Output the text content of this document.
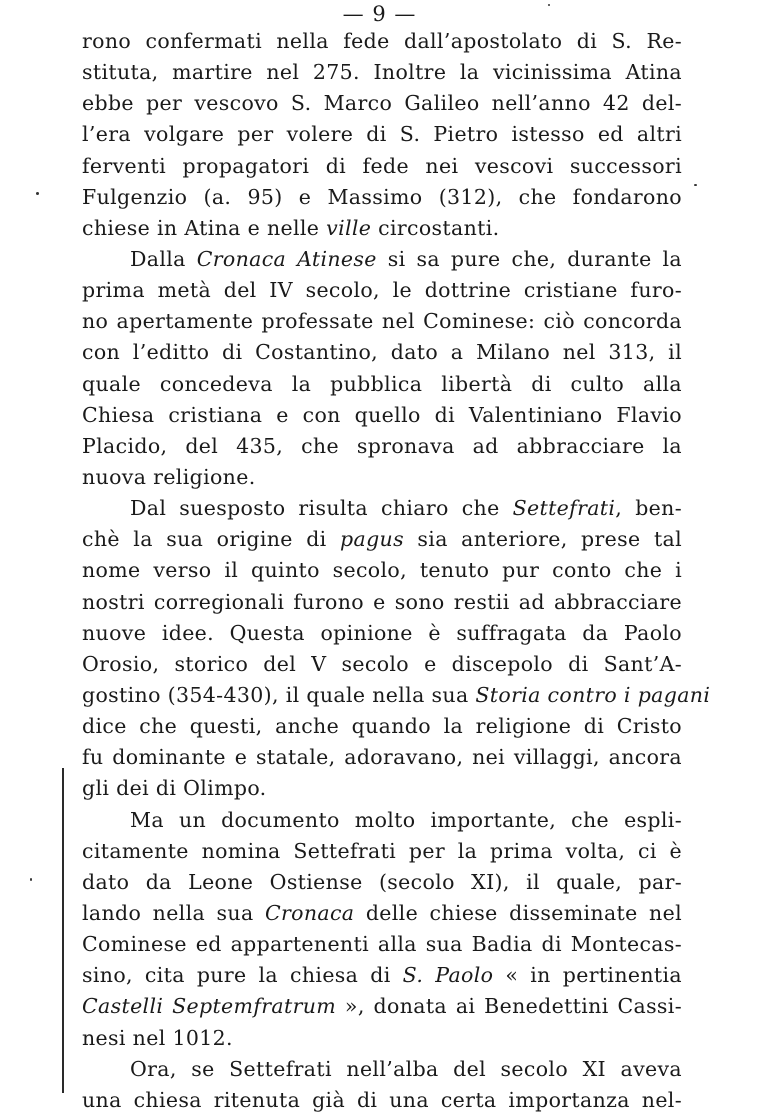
— 9 —
rono confermati nella fede dall’apostolato di S. Re-
stituta, martire nel 275. Inoltre la vicinissima Atina
ebbe per vescovo S. Marco Galileo nell’anno 42 del-
l’era volgare per volere di S. Pietro istesso ed altri
ferventi propagatori di fede nei vescovi successori
Fulgenzio (a. 95) e Massimo (312), che fondarono
chiese in Atina e nelle ville circostanti.
Dalla Cronaca Atinese si sa pure che, durante la
prima metà del IV secolo, le dottrine cristiane furo-
no apertamente professate nel Cominese: ciò concorda
con l’editto di Costantino, dato a Milano nel 313, il
quale concedeva la pubblica libertà di culto alla
Chiesa cristiana e con quello di Valentiniano Flavio
Placido, del 435, che spronava ad abbracciare la
nuova religione.
Dal suesposto risulta chiaro che Settefrati, ben-
chè la sua origine di pagus sia anteriore, prese tal
nome verso il quinto secolo, tenuto pur conto che i
nostri corregionali furono e sono restii ad abbracciare
nuove idee. Questa opinione è suffragata da Paolo
Orosio, storico del V secolo e discepolo di Sant’A-
gostino (354-430), il quale nella sua Storia contro i pagani
dice che questi, anche quando la religione di Cristo
fu dominante e statale, adoravano, nei villaggi, ancora
gli dei di Olimpo.
Ma un documento molto importante, che espli-
citamente nomina Settefrati per la prima volta, ci è
dato da Leone Ostiense (secolo XI), il quale, par-
lando nella sua Cronaca delle chiese disseminate nel
Cominese ed appartenenti alla sua Badia di Montecas-
sino, cita pure la chiesa di S. Paolo « in pertinentia
Castelli Septemfratrum », donata ai Benedettini Cassi-
nesi nel 1012.
Ora, se Settefrati nell’alba del secolo XI aveva
una chiesa ritenuta già di una certa importanza nel-
